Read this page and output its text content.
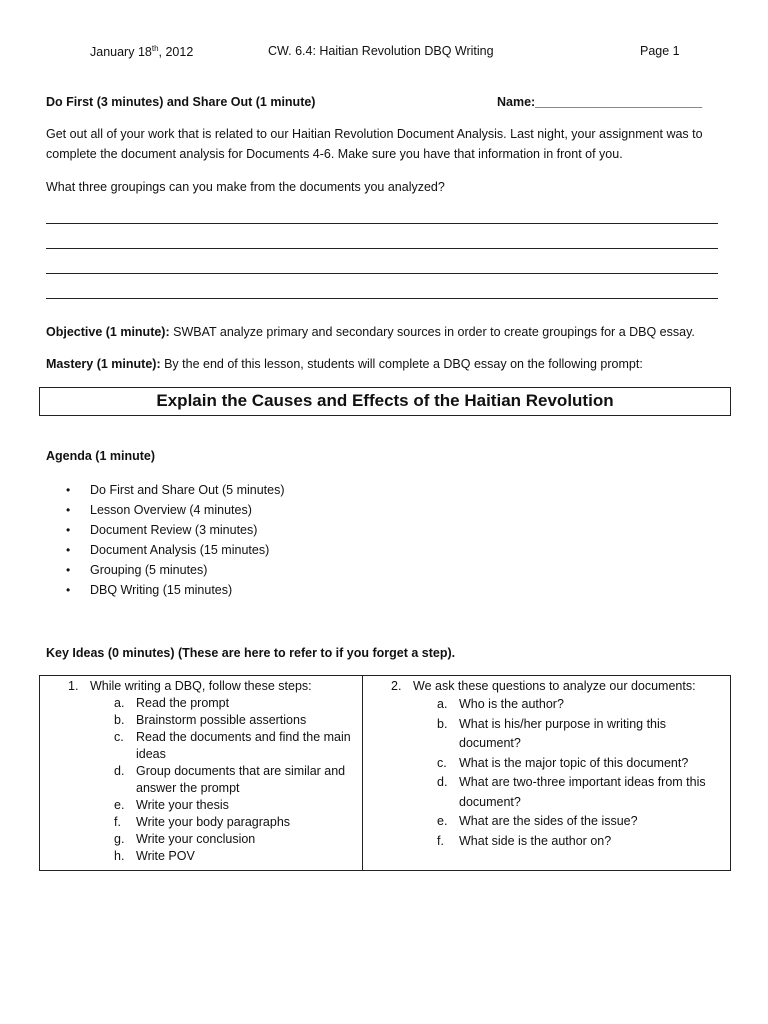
January 18th, 2012	CW. 6.4: Haitian Revolution DBQ Writing	Page 1
Do First (3 minutes) and Share Out (1 minute)	Name:________________________
Get out all of your work that is related to our Haitian Revolution Document Analysis. Last night, your assignment was to complete the document analysis for Documents 4-6. Make sure you have that information in front of you.
What three groupings can you make from the documents you analyzed?
Objective (1 minute): SWBAT analyze primary and secondary sources in order to create groupings for a DBQ essay.
Mastery (1 minute): By the end of this lesson, students will complete a DBQ essay on the following prompt:
Explain the Causes and Effects of the Haitian Revolution
Agenda (1 minute)
• Do First and Share Out (5 minutes)
• Lesson Overview (4 minutes)
• Document Review (3 minutes)
• Document Analysis (15 minutes)
• Grouping (5 minutes)
• DBQ Writing (15 minutes)
Key Ideas (0 minutes) (These are here to refer to if you forget a step).
1. While writing a DBQ, follow these steps:
a. Read the prompt
b. Brainstorm possible assertions
c. Read the documents and find the main ideas
d. Group documents that are similar and answer the prompt
e. Write your thesis
f. Write your body paragraphs
g. Write your conclusion
h. Write POV
2. We ask these questions to analyze our documents:
a. Who is the author?
b. What is his/her purpose in writing this document?
c. What is the major topic of this document?
d. What are two-three important ideas from this document?
e. What are the sides of the issue?
f. What side is the author on?
